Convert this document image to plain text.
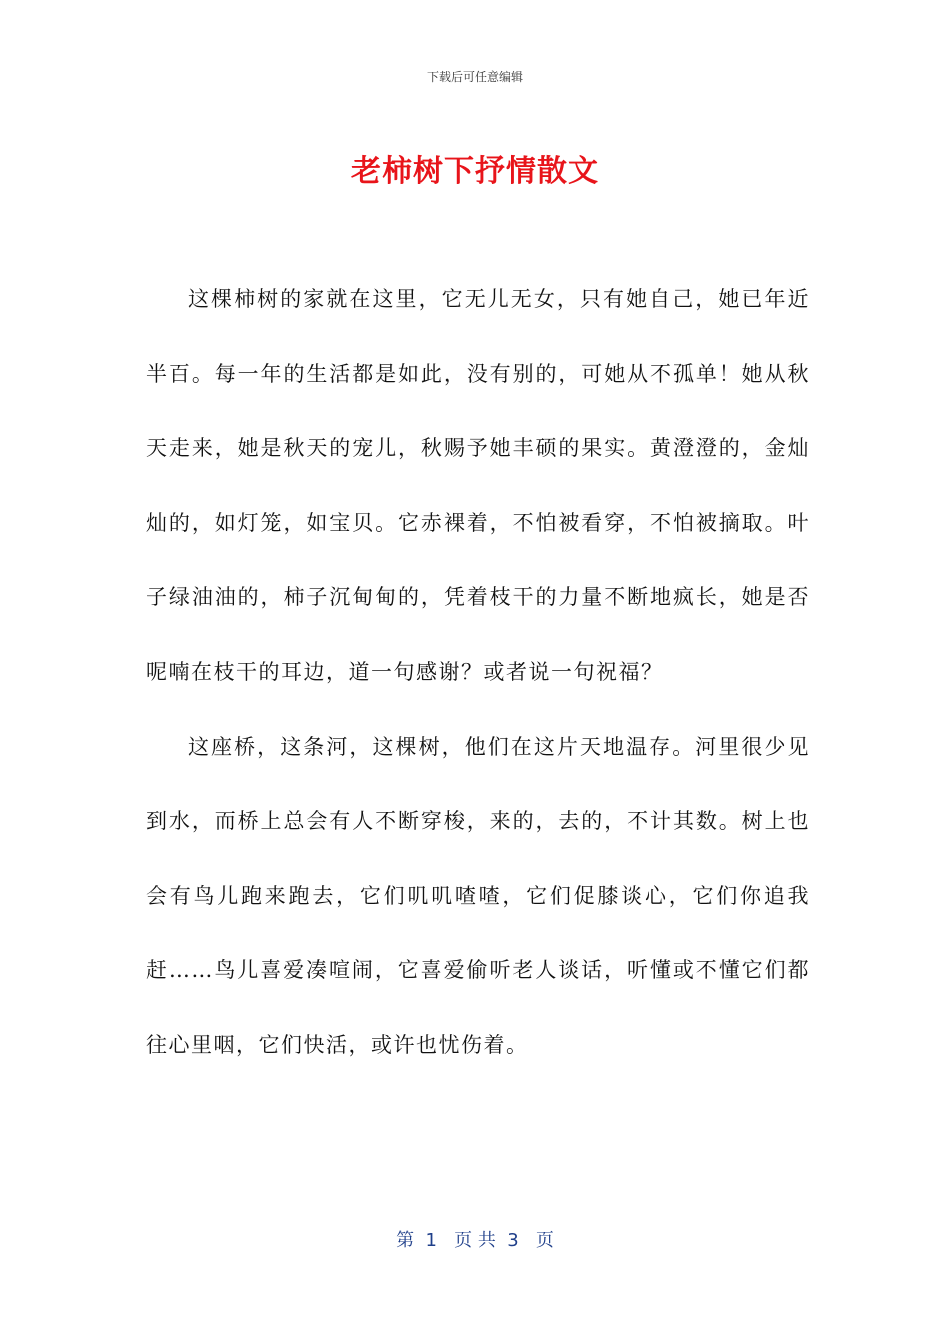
下载后可任意编辑
老柿树下抒情散文

这棵柿树的家就在这里，它无儿无女，只有她自己，她已年近半百。每一年的生活都是如此，没有别的，可她从不孤单！她从秋天走来，她是秋天的宠儿，秋赐予她丰硕的果实。黄澄澄的，金灿灿的，如灯笼，如宝贝。它赤裸着，不怕被看穿，不怕被摘取。叶子绿油油的，柿子沉甸甸的，凭着枝干的力量不断地疯长，她是否呢喃在枝干的耳边，道一句感谢？或者说一句祝福？

这座桥，这条河，这棵树，他们在这片天地温存。河里很少见到水，而桥上总会有人不断穿梭，来的，去的，不计其数。树上也会有鸟儿跑来跑去，它们叽叽喳喳，它们促膝谈心，它们你追我赶……鸟儿喜爱凑喧闹，它喜爱偷听老人谈话，听懂或不懂它们都往心里咽，它们快活，或许也忧伤着。

第  1   页 共  3   页
